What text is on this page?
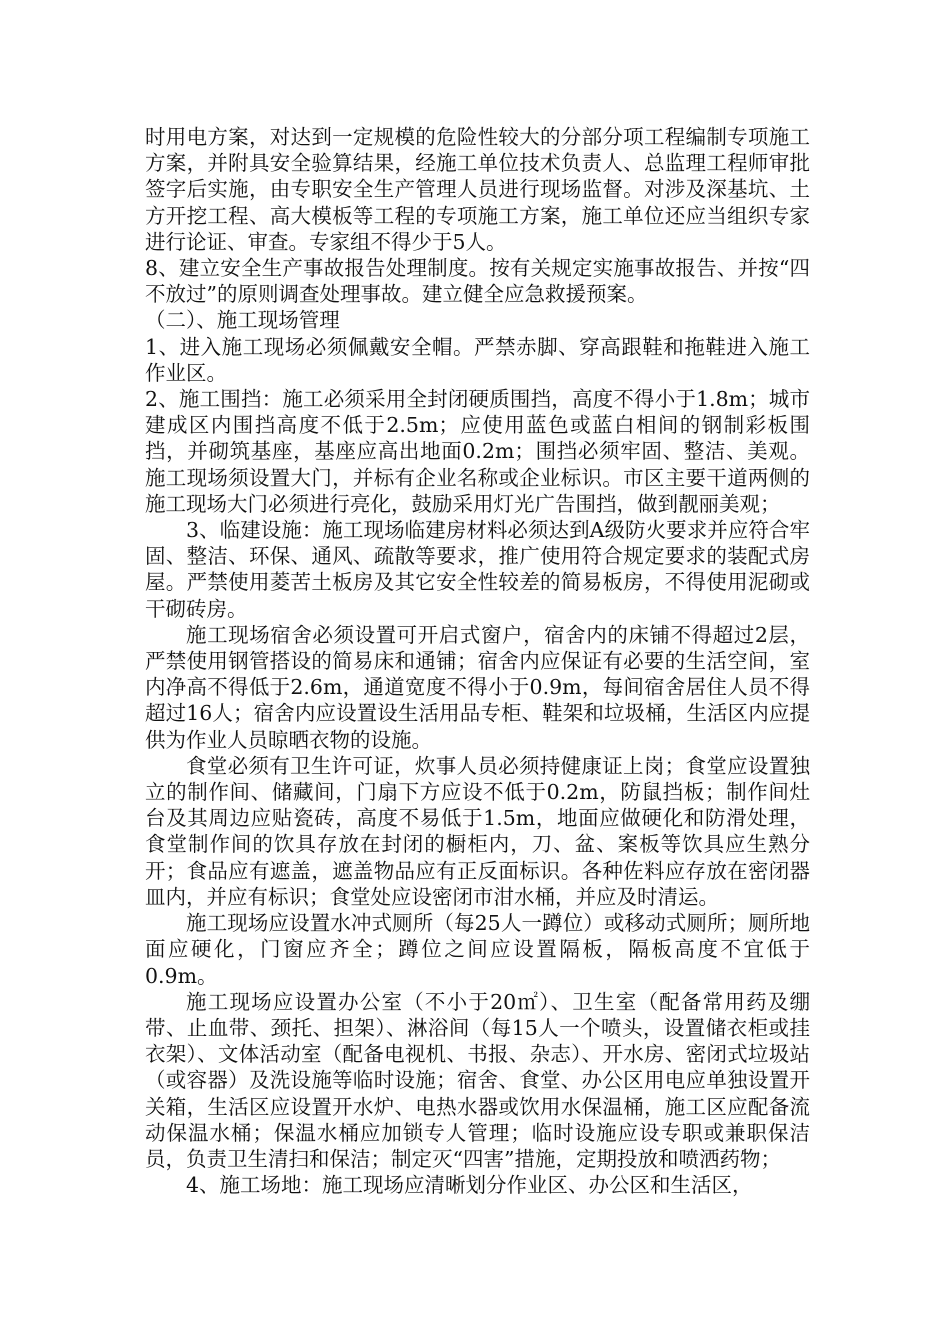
时用电方案，对达到一定规模的危险性较大的分部分项工程编制专项施工方案，并附具安全验算结果，经施工单位技术负责人、总监理工程师审批签字后实施，由专职安全生产管理人员进行现场监督。对涉及深基坑、土方开挖工程、高大模板等工程的专项施工方案，施工单位还应当组织专家进行论证、审查。专家组不得少于5人。

8、建立安全生产事故报告处理制度。按有关规定实施事故报告、并按“四不放过”的原则调查处理事故。建立健全应急救援预案。

（二）、施工现场管理

1、进入施工现场必须佩戴安全帽。严禁赤脚、穿高跟鞋和拖鞋进入施工作业区。

2、施工围挡：施工必须采用全封闭硬质围挡，高度不得小于1.8m；城市建成区内围挡高度不低于2.5m；应使用蓝色或蓝白相间的钢制彩板围挡，并砌筑基座，基座应高出地面0.2m；围挡必须牢固、整洁、美观。施工现场须设置大门，并标有企业名称或企业标识。市区主要干道两侧的施工现场大门必须进行亮化，鼓励采用灯光广告围挡，做到靓丽美观；

3、临建设施：施工现场临建房材料必须达到A级防火要求并应符合牢固、整洁、环保、通风、疏散等要求，推广使用符合规定要求的装配式房屋。严禁使用菱苦土板房及其它安全性较差的简易板房，不得使用泥砌或干砌砖房。

施工现场宿舍必须设置可开启式窗户，宿舍内的床铺不得超过2层，严禁使用钢管搭设的简易床和通铺；宿舍内应保证有必要的生活空间，室内净高不得低于2.6m，通道宽度不得小于0.9m，每间宿舍居住人员不得超过16人；宿舍内应设置设生活用品专柜、鞋架和垃圾桶，生活区内应提供为作业人员晾晒衣物的设施。

食堂必须有卫生许可证，炊事人员必须持健康证上岗；食堂应设置独立的制作间、储藏间，门扇下方应设不低于0.2m，防鼠挡板；制作间灶台及其周边应贴瓷砖，高度不易低于1.5m，地面应做硬化和防滑处理，食堂制作间的饮具存放在封闭的橱柜内，刀、盆、案板等饮具应生熟分开；食品应有遮盖，遮盖物品应有正反面标识。各种佐料应存放在密闭器皿内，并应有标识；食堂处应设密闭市泔水桶，并应及时清运。

施工现场应设置水冲式厕所（每25人一蹲位）或移动式厕所；厕所地面应硬化，门窗应齐全；蹲位之间应设置隔板，隔板高度不宜低于0.9m。

施工现场应设置办公室（不小于20㎡）、卫生室（配备常用药及绷带、止血带、颈托、担架）、淋浴间（每15人一个喷头，设置储衣柜或挂衣架）、文体活动室（配备电视机、书报、杂志）、开水房、密闭式垃圾站（或容器）及洗设施等临时设施；宿舍、食堂、办公区用电应单独设置开关箱，生活区应设置开水炉、电热水器或饮用水保温桶，施工区应配备流动保温水桶；保温水桶应加锁专人管理；临时设施应设专职或兼职保洁员，负责卫生清扫和保洁；制定灭“四害”措施，定期投放和喷洒药物；

4、施工场地：施工现场应清晰划分作业区、办公区和生活区，
